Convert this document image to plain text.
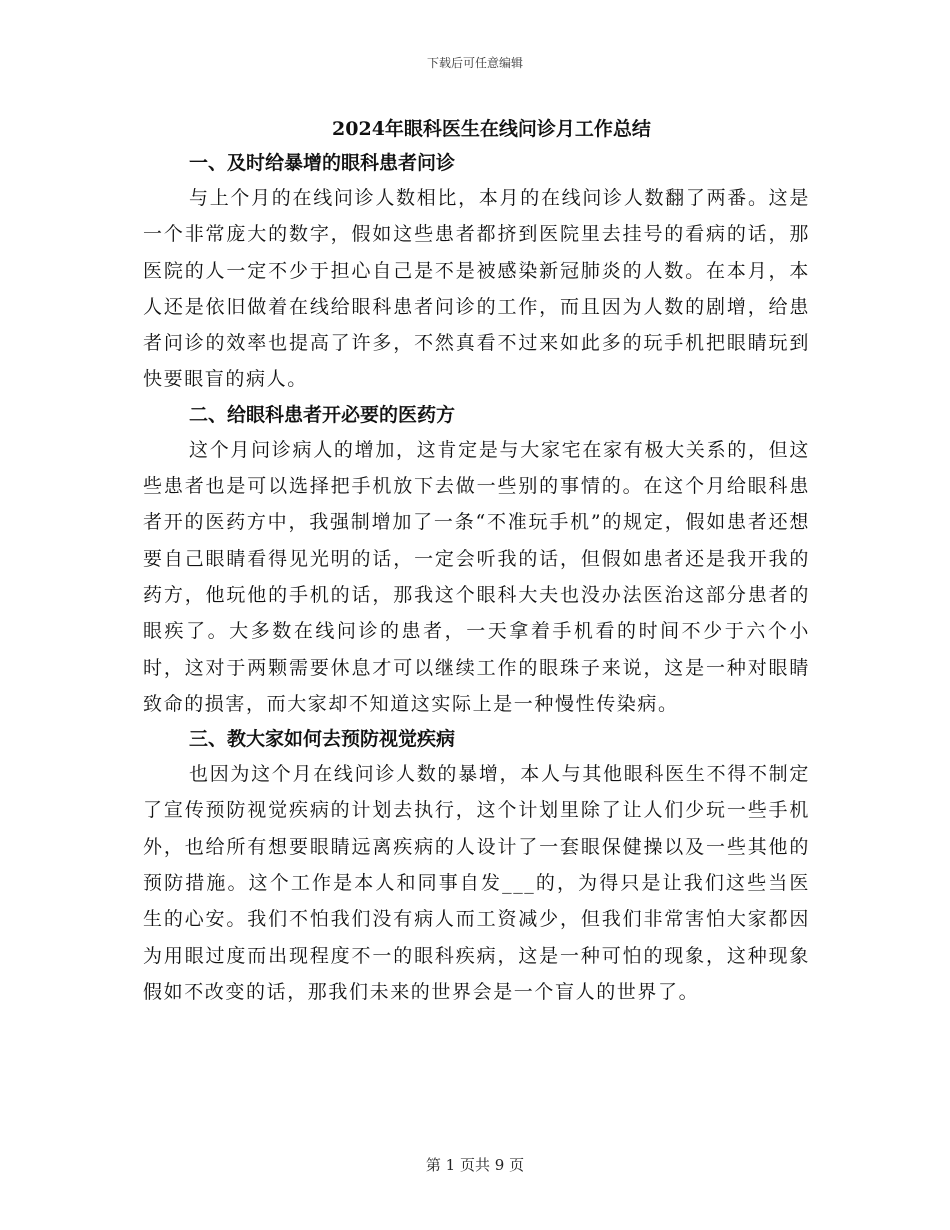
下载后可任意编辑
2024年眼科医生在线问诊月工作总结

一、及时给暴增的眼科患者问诊

与上个月的在线问诊人数相比，本月的在线问诊人数翻了两番。这是一个非常庞大的数字，假如这些患者都挤到医院里去挂号的看病的话，那医院的人一定不少于担心自己是不是被感染新冠肺炎的人数。在本月，本人还是依旧做着在线给眼科患者问诊的工作，而且因为人数的剧增，给患者问诊的效率也提高了许多，不然真看不过来如此多的玩手机把眼睛玩到快要眼盲的病人。

二、给眼科患者开必要的医药方

这个月问诊病人的增加，这肯定是与大家宅在家有极大关系的，但这些患者也是可以选择把手机放下去做一些别的事情的。在这个月给眼科患者开的医药方中，我强制增加了一条“不准玩手机”的规定，假如患者还想要自己眼睛看得见光明的话，一定会听我的话，但假如患者还是我开我的药方，他玩他的手机的话，那我这个眼科大夫也没办法医治这部分患者的眼疾了。大多数在线问诊的患者，一天拿着手机看的时间不少于六个小时，这对于两颗需要休息才可以继续工作的眼珠子来说，这是一种对眼睛致命的损害，而大家却不知道这实际上是一种慢性传染病。

三、教大家如何去预防视觉疾病

也因为这个月在线问诊人数的暴增，本人与其他眼科医生不得不制定了宣传预防视觉疾病的计划去执行，这个计划里除了让人们少玩一些手机外，也给所有想要眼睛远离疾病的人设计了一套眼保健操以及一些其他的预防措施。这个工作是本人和同事自发___的，为得只是让我们这些当医生的心安。我们不怕我们没有病人而工资减少，但我们非常害怕大家都因为用眼过度而出现程度不一的眼科疾病，这是一种可怕的现象，这种现象假如不改变的话，那我们未来的世界会是一个盲人的世界了。

第 1 页共 9 页
